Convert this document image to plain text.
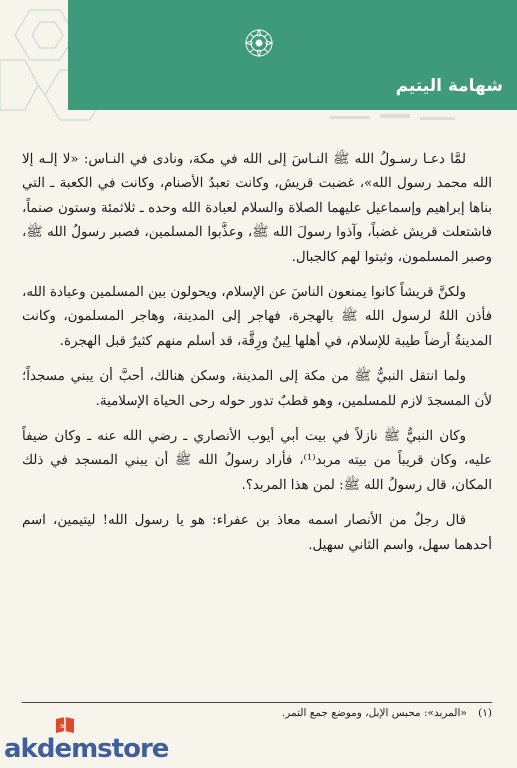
شهامة اليتيم

لمَّا دعـا رسـولُ الله ﷺ النـاسَ إلى الله في مكة، ونادى في النـاس: «لا إلـه إلا الله محمد رسول الله»، غضبت قريش، وكانت تعبدُ الأصنام، وكانت في الكعبة ـ التي بناها إبراهيم وإسماعيل عليهما الصلاة والسلام لعبادة الله وحده ـ ثلاثمئة وستون صنماً، فاشتعلت قريش غضباً، وآذوا رسولَ الله ﷺ، وعذَّبوا المسلمين، فصبر رسولُ الله ﷺ، وصبر المسلمون، وثبتوا لهم كالجبال.

ولكنَّ قريشاً كانوا يمنعون الناسَ عن الإسلام، ويحولون بين المسلمين وعبادة الله، فأذن اللهُ لرسول الله ﷺ بالهجرة، فهاجر إلى المدينة، وهاجر المسلمون، وكانت المدينةُ أرضاً طيبة للإسلام، في أهلها لِينٌ ورِقَّة، قد أسلم منهم كثيرٌ قبل الهجرة.

ولما انتقل النبيُّ ﷺ من مكة إلى المدينة، وسكن هنالك، أحبَّ أن يبني مسجداً؛ لأن المسجدَ لازم للمسلمين، وهو قطبٌ تدور حوله رحى الحياة الإسلامية.

وكان النبيُّ ﷺ نازلاً في بيت أبي أيوب الأنصاري ـ رضي الله عنه ـ وكان ضيفاً عليه، وكان قريباً من بيته مربد⁽¹⁾، فأراد رسولُ الله ﷺ أن يبني المسجد في ذلك المكان، قال رسولُ الله ﷺ: لمن هذا المربد؟.

قال رجلٌ من الأنصار اسمه معاذ بن عفراء: هو يا رسول الله! ليتيمين، اسم أحدهما سهل، واسم الثاني سهيل.

(١) «المربد»: محبس الإبل، وموضع جمع التمر.
a
akdemstore
